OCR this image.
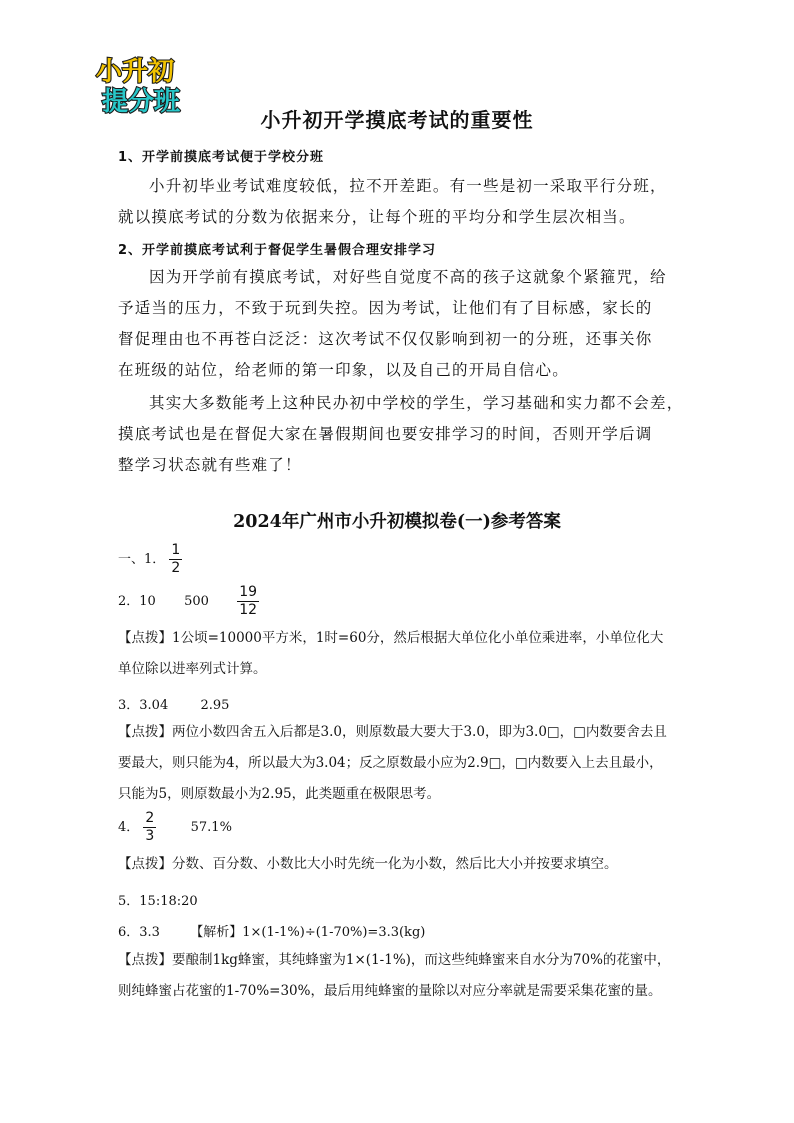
小升初
提分班
小升初开学摸底考试的重要性
1、开学前摸底考试便于学校分班
小升初毕业考试难度较低，拉不开差距。有一些是初一采取平行分班，
就以摸底考试的分数为依据来分，让每个班的平均分和学生层次相当。
2、开学前摸底考试利于督促学生暑假合理安排学习
因为开学前有摸底考试，对好些自觉度不高的孩子这就象个紧箍咒，给
予适当的压力，不致于玩到失控。因为考试，让他们有了目标感，家长的
督促理由也不再苍白泛泛：这次考试不仅仅影响到初一的分班，还事关你
在班级的站位，给老师的第一印象，以及自己的开局自信心。
其实大多数能考上这种民办初中学校的学生，学习基础和实力都不会差，
摸底考试也是在督促大家在暑假期间也要安排学习的时间，否则开学后调
整学习状态就有些难了！
2024年广州市小升初模拟卷(一)参考答案
一、1． $\frac{1}{2}$
2．10 $500 \frac{19}{12}$
【点拨】1公顷=10000平方米，1时=60分，然后根据大单位化小单位乘进率，小单位化大
单位除以进率列式计算。
3．3.04 2.95
【点拨】两位小数四舍五入后都是3.0，则原数最大要大于3.0，即为3.0□，□内数要舍去且
要最大，则只能为4，所以最大为3.04；反之原数最小应为2.9□，□内数要入上去且最小，
只能为5，则原数最小为2.95，此类题重在极限思考。
4． $\frac{2}{3}$	57.1%
【点拨】分数、百分数、小数比大小时先统一化为小数，然后比大小并按要求填空。
5．15:18:20
6．3.3 【解析】1×(1-1%)÷(1-70%)=3.3(kg)
【点拨】要酿制1kg蜂蜜，其纯蜂蜜为1×(1-1%)，而这些纯蜂蜜来自水分为70%的花蜜中，
则纯蜂蜜占花蜜的1-70%=30%，最后用纯蜂蜜的量除以对应分率就是需要采集花蜜的量。
